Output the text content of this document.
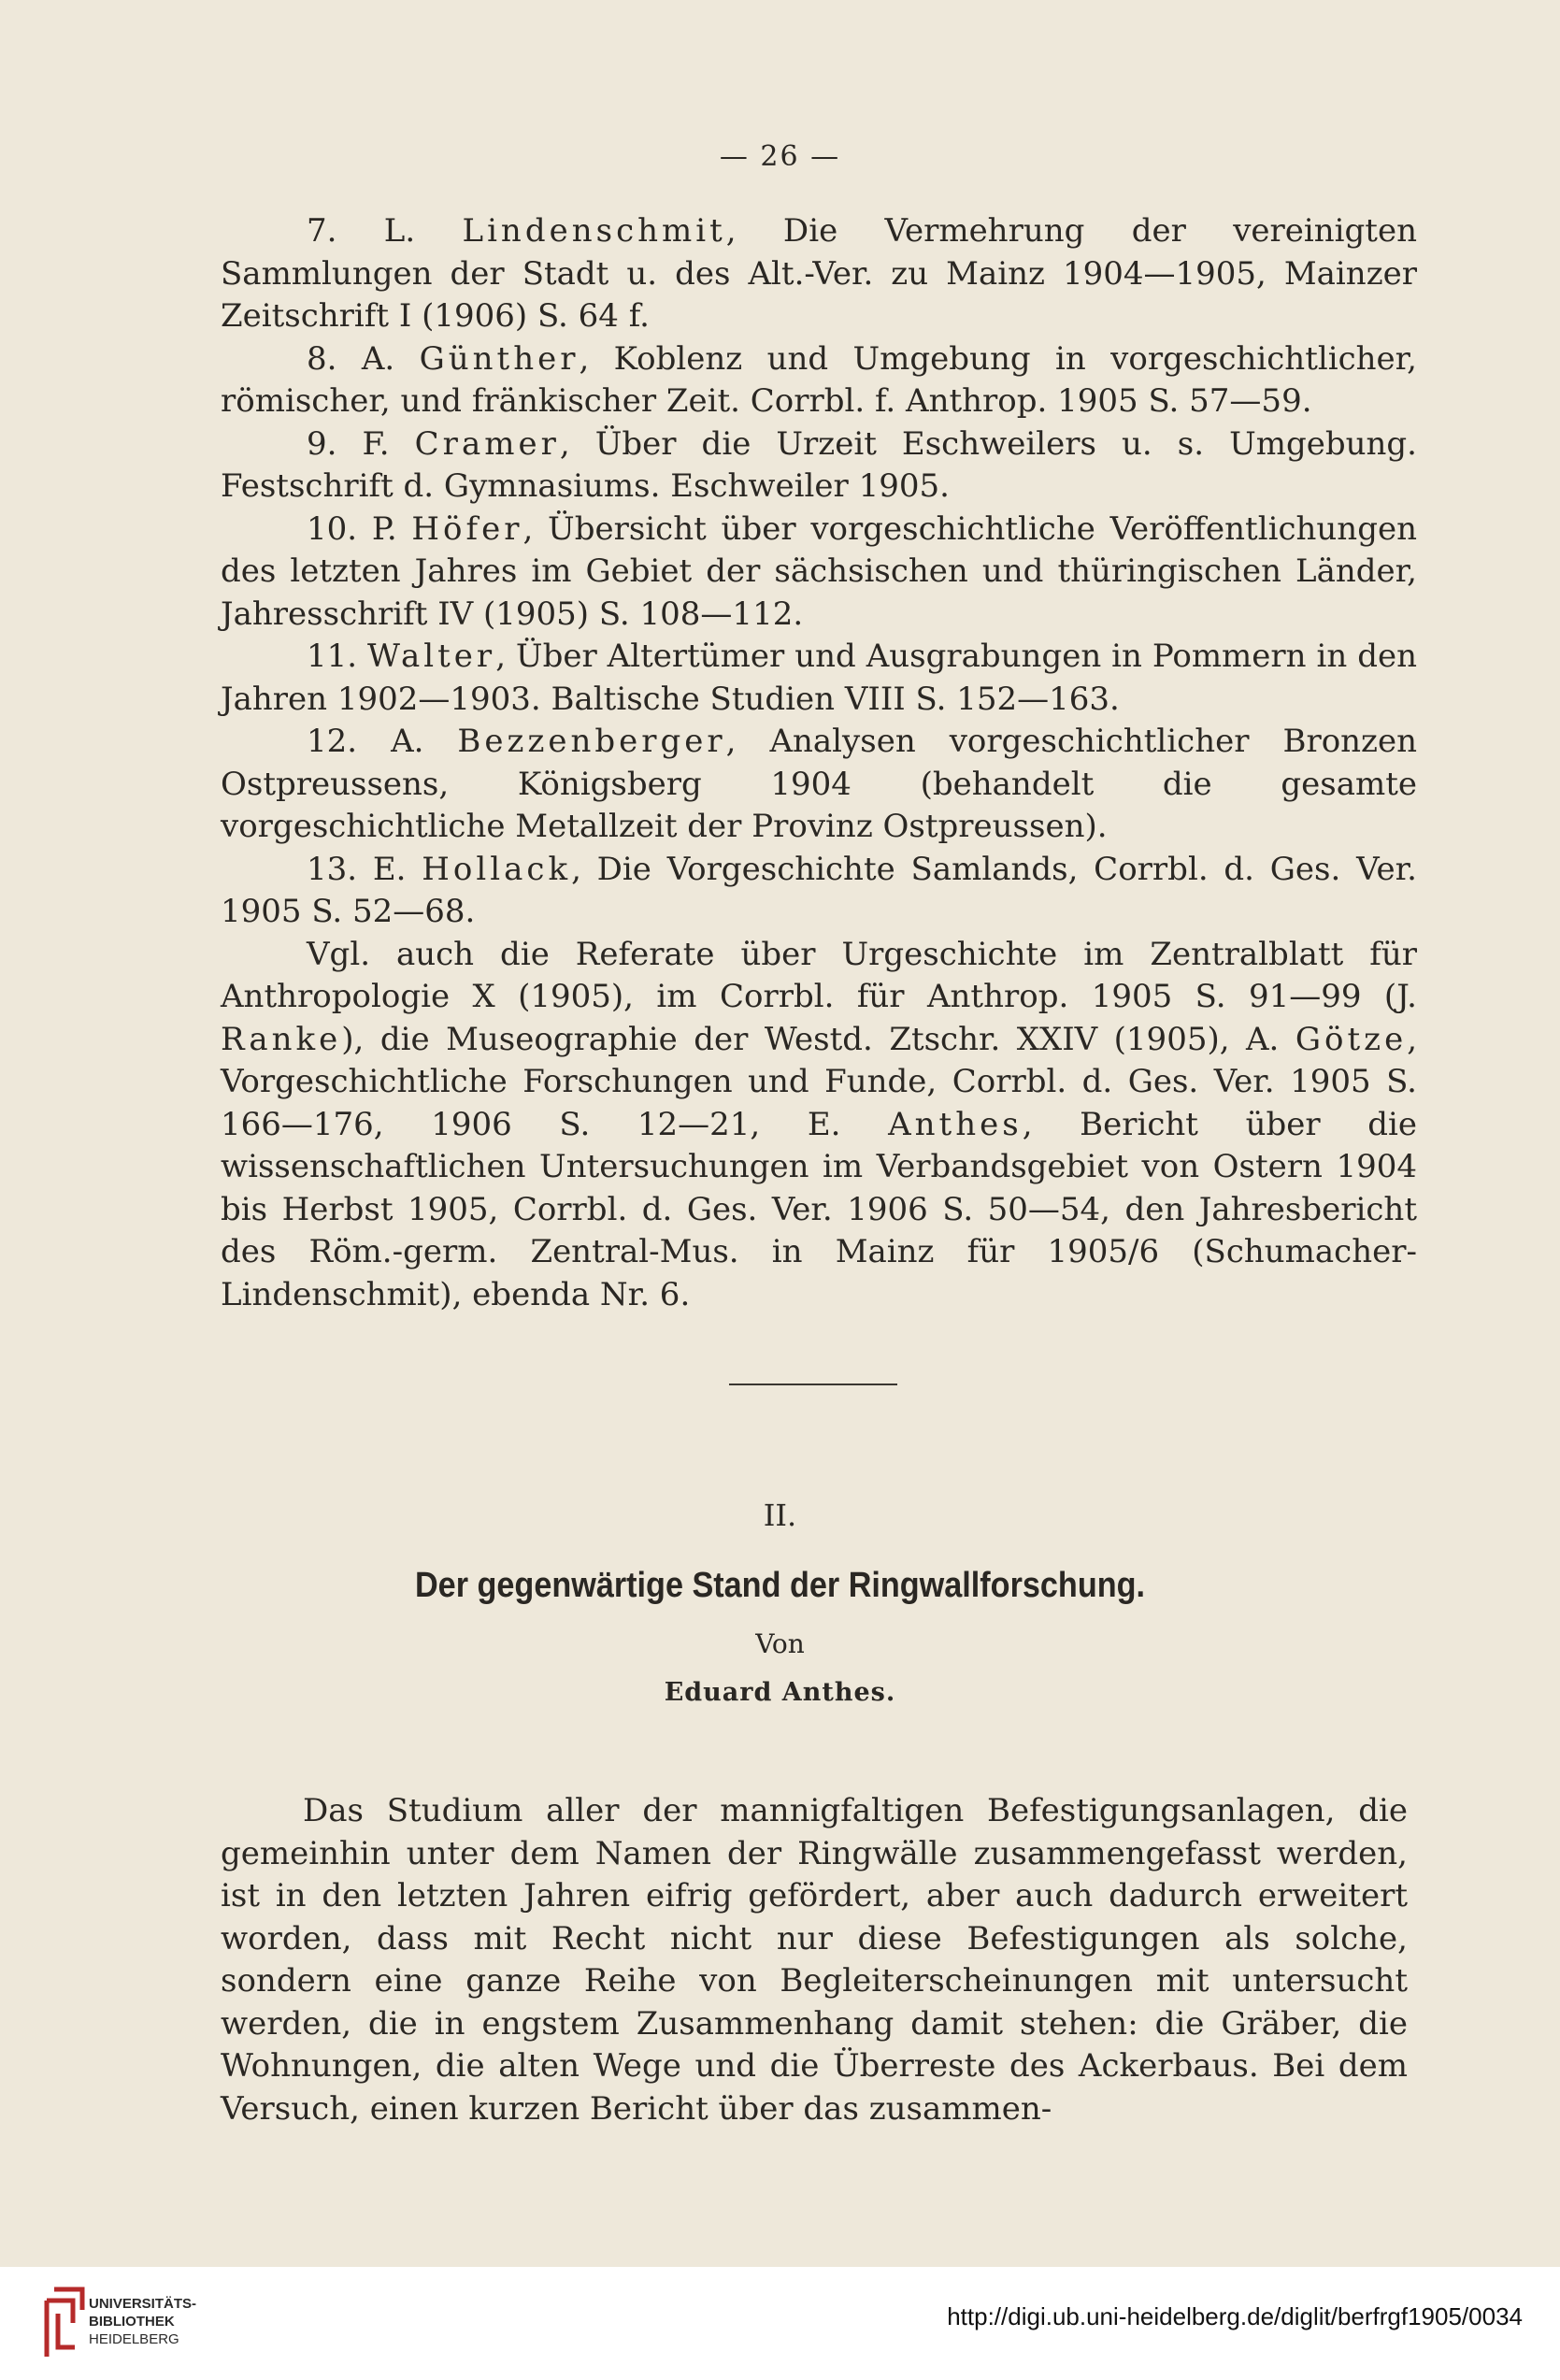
— 26 —

7. L. Lindenschmit, Die Vermehrung der vereinigten Sammlungen der Stadt u. des Alt.-Ver. zu Mainz 1904—1905, Mainzer Zeitschrift I (1906) S. 64 f.

8. A. Günther, Koblenz und Umgebung in vorgeschichtlicher, römischer, und fränkischer Zeit. Corrbl. f. Anthrop. 1905 S. 57—59.

9. F. Cramer, Über die Urzeit Eschweilers u. s. Umgebung. Festschrift d. Gymnasiums. Eschweiler 1905.

10. P. Höfer, Übersicht über vorgeschichtliche Veröffentlichungen des letzten Jahres im Gebiet der sächsischen und thüringischen Länder, Jahresschrift IV (1905) S. 108—112.

11. Walter, Über Altertümer und Ausgrabungen in Pommern in den Jahren 1902—1903. Baltische Studien VIII S. 152—163.

12. A. Bezzenberger, Analysen vorgeschichtlicher Bronzen Ostpreussens, Königsberg 1904 (behandelt die gesamte vorgeschichtliche Metallzeit der Provinz Ostpreussen).

13. E. Hollack, Die Vorgeschichte Samlands, Corrbl. d. Ges. Ver. 1905 S. 52—68.

Vgl. auch die Referate über Urgeschichte im Zentralblatt für Anthropologie X (1905), im Corrbl. für Anthrop. 1905 S. 91—99 (J. Ranke), die Museographie der Westd. Ztschr. XXIV (1905), A. Götze, Vorgeschichtliche Forschungen und Funde, Corrbl. d. Ges. Ver. 1905 S. 166—176, 1906 S. 12—21, E. Anthes, Bericht über die wissenschaftlichen Untersuchungen im Verbandsgebiet von Ostern 1904 bis Herbst 1905, Corrbl. d. Ges. Ver. 1906 S. 50—54, den Jahresbericht des Röm.-germ. Zentral-Mus. in Mainz für 1905/6 (Schumacher-Lindenschmit), ebenda Nr. 6.

II.
Der gegenwärtige Stand der Ringwallforschung.
Von
Eduard Anthes.

Das Studium aller der mannigfaltigen Befestigungsanlagen, die gemeinhin unter dem Namen der Ringwälle zusammengefasst werden, ist in den letzten Jahren eifrig gefördert, aber auch dadurch erweitert worden, dass mit Recht nicht nur diese Befestigungen als solche, sondern eine ganze Reihe von Begleiterscheinungen mit untersucht werden, die in engstem Zusammenhang damit stehen: die Gräber, die Wohnungen, die alten Wege und die Überreste des Ackerbaus. Bei dem Versuch, einen kurzen Bericht über das zusammen-

UNIVERSITÄTS-
BIBLIOTHEK
HEIDELBERG
http://digi.ub.uni-heidelberg.de/diglit/berfrgf1905/0034
